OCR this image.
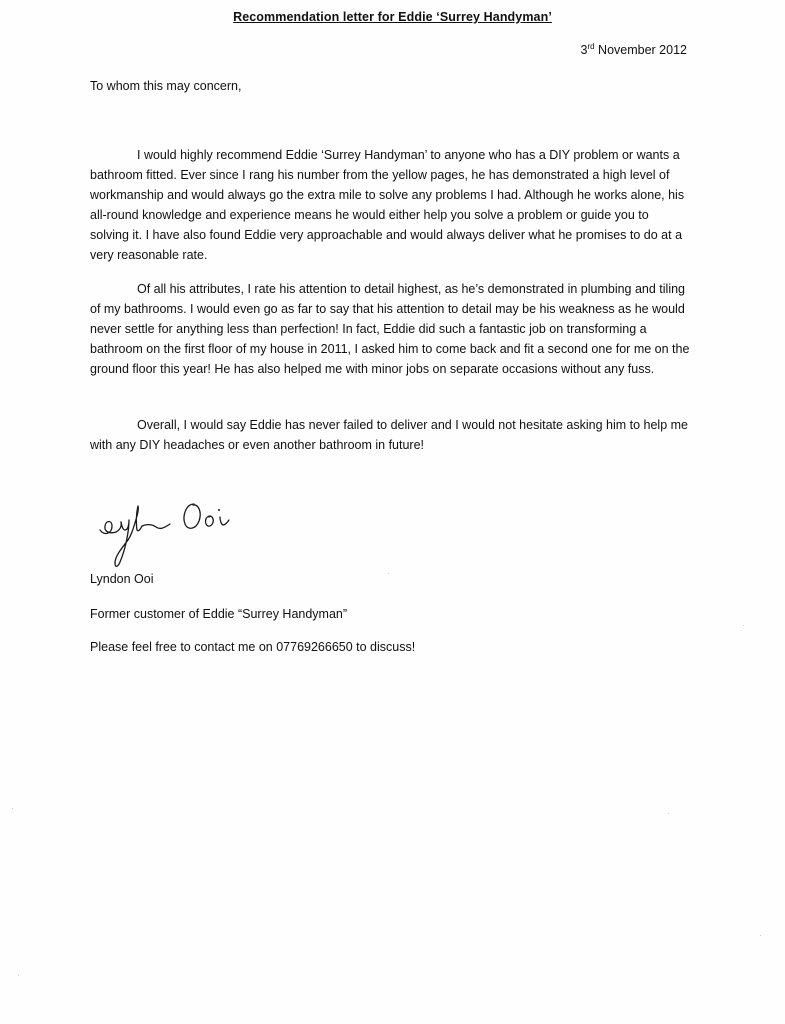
Recommendation letter for Eddie ‘Surrey Handyman’
3rd November 2012
To whom this may concern,

I would highly recommend Eddie ‘Surrey Handyman’ to anyone who has a DIY problem or wants a bathroom fitted. Ever since I rang his number from the yellow pages, he has demonstrated a high level of workmanship and would always go the extra mile to solve any problems I had. Although he works alone, his all-round knowledge and experience means he would either help you solve a problem or guide you to solving it. I have also found Eddie very approachable and would always deliver what he promises to do at a very reasonable rate.

Of all his attributes, I rate his attention to detail highest, as he’s demonstrated in plumbing and tiling of my bathrooms. I would even go as far to say that his attention to detail may be his weakness as he would never settle for anything less than perfection! In fact, Eddie did such a fantastic job on transforming a bathroom on the first floor of my house in 2011, I asked him to come back and fit a second one for me on the ground floor this year! He has also helped me with minor jobs on separate occasions without any fuss.

Overall, I would say Eddie has never failed to deliver and I would not hesitate asking him to help me with any DIY headaches or even another bathroom in future!

Lyndon Ooi
Former customer of Eddie “Surrey Handyman”
Please feel free to contact me on 07769266650 to discuss!
